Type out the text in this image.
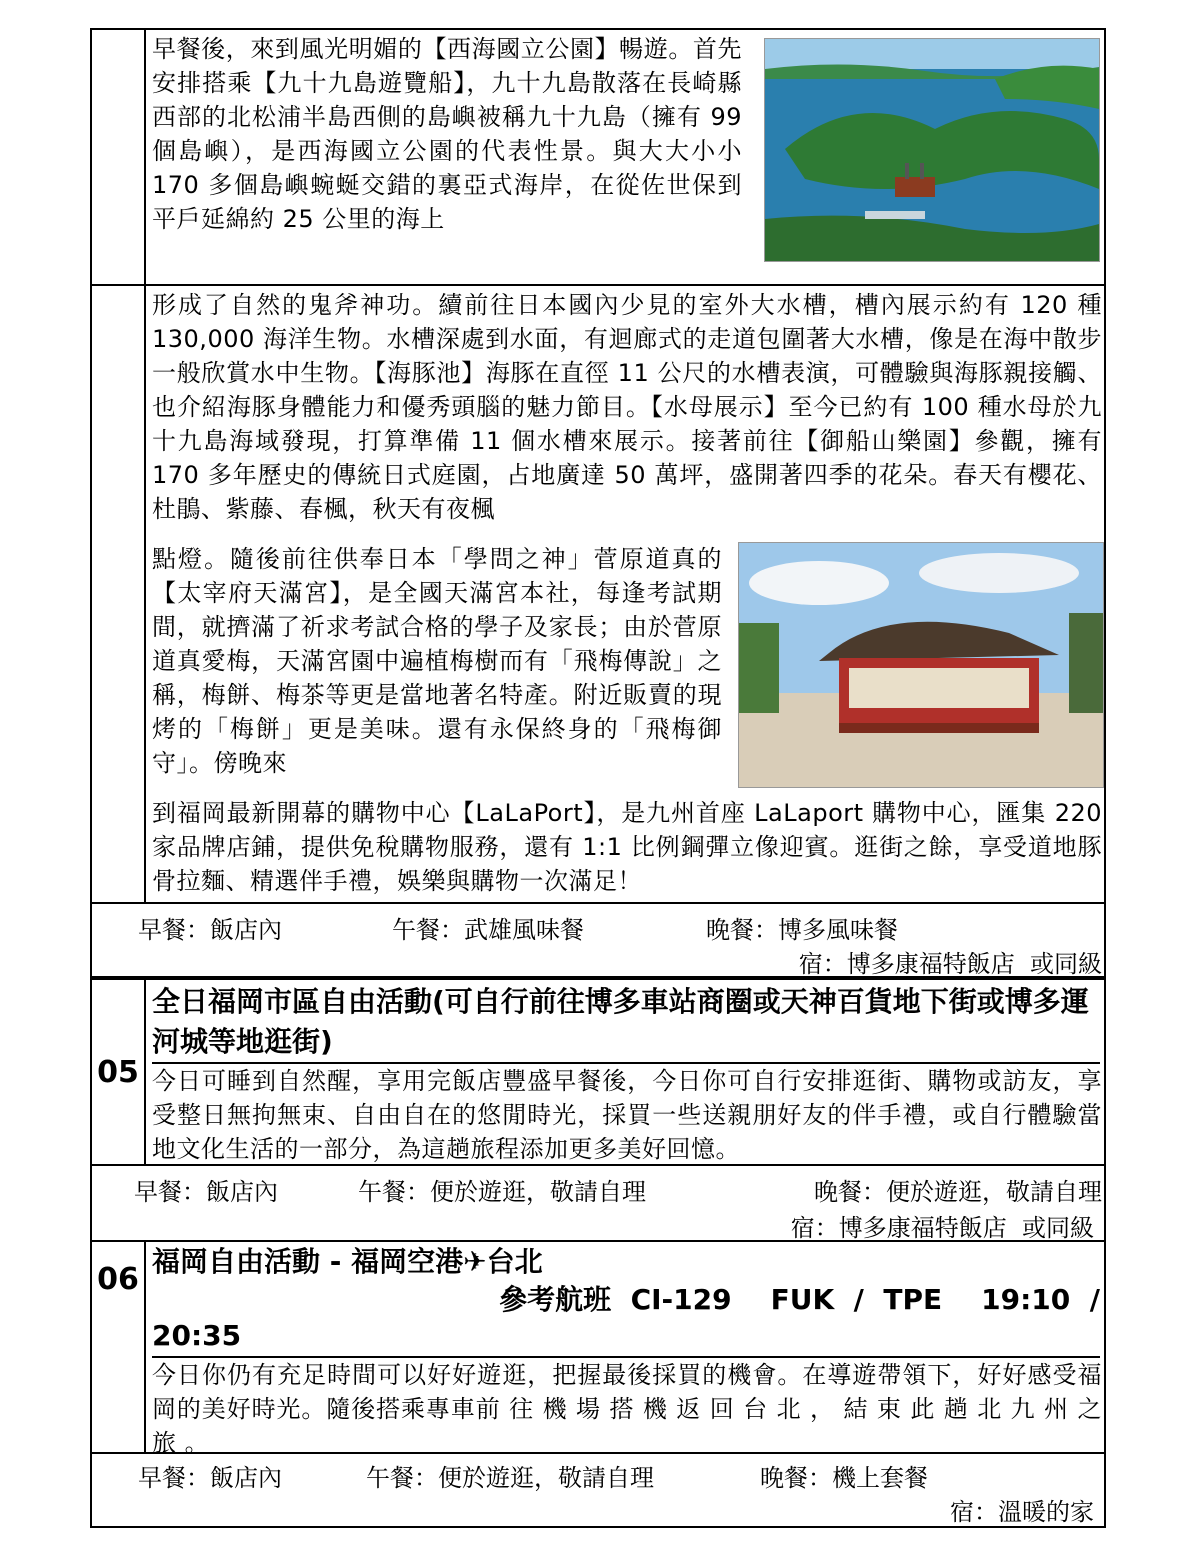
早餐後，來到風光明媚的【西海國立公園】暢遊。首先安排搭乘【九十九島遊覽船】，九十九島散落在長崎縣西部的北松浦半島西側的島嶼被稱九十九島（擁有 99 個島嶼），是西海國立公園的代表性景。與大大小小 170 多個島嶼蜿蜒交錯的裏亞式海岸，在從佐世保到平戶延綿約 25 公里的海上
形成了自然的鬼斧神功。續前往日本國內少見的室外大水槽，槽內展示約有 120 種 130,000 海洋生物。水槽深處到水面，有迴廊式的走道包圍著大水槽，像是在海中散步一般欣賞水中生物。【海豚池】海豚在直徑 11 公尺的水槽表演，可體驗與海豚親接觸、也介紹海豚身體能力和優秀頭腦的魅力節目。【水母展示】至今已約有 100 種水母於九十九島海域發現，打算準備 11 個水槽來展示。接著前往【御船山樂園】參觀，擁有 170 多年歷史的傳統日式庭園，占地廣達 50 萬坪，盛開著四季的花朵。春天有櫻花、杜鵑、紫藤、春楓，秋天有夜楓
點燈。隨後前往供奉日本「學問之神」菅原道真的【太宰府天滿宮】，是全國天滿宮本社，每逢考試期間，就擠滿了祈求考試合格的學子及家長；由於菅原道真愛梅，天滿宮園中遍植梅樹而有「飛梅傳說」之稱，梅餅、梅茶等更是當地著名特產。附近販賣的現烤的「梅餅」更是美味。還有永保終身的「飛梅御守」。傍晚來
到福岡最新開幕的購物中心【LaLaPort】，是九州首座 LaLaport 購物中心，匯集 220 家品牌店鋪，提供免稅購物服務，還有 1:1 比例鋼彈立像迎賓。逛街之餘，享受道地豚骨拉麵、精選伴手禮，娛樂與購物一次滿足！
早餐：飯店內	午餐：武雄風味餐	晚餐：博多風味餐
宿：博多康福特飯店  或同級
05
全日福岡市區自由活動(可自行前往博多車站商圈或天神百貨地下街或博多運河城等地逛街)
今日可睡到自然醒，享用完飯店豐盛早餐後，今日你可自行安排逛街、購物或訪友，享受整日無拘無束、自由自在的悠閒時光，採買一些送親朋好友的伴手禮，或自行體驗當地文化生活的一部分，為這趟旅程添加更多美好回憶。
早餐：飯店內	午餐：便於遊逛，敬請自理	晚餐：便於遊逛，敬請自理
宿：博多康福特飯店  或同級
06
福岡自由活動 - 福岡空港✈台北
參考航班  CI-129    FUK  /  TPE    19:10  /
20:35
今日你仍有充足時間可以好好遊逛，把握最後採買的機會。在導遊帶領下，好好感受福岡的美好時光。隨後搭乘專車前 往 機 場 搭 機 返 回 台 北 ， 結 束 此 趟 北 九 州 之 旅 。
早餐：飯店內	午餐：便於遊逛，敬請自理	晚餐：機上套餐
宿：溫暖的家
